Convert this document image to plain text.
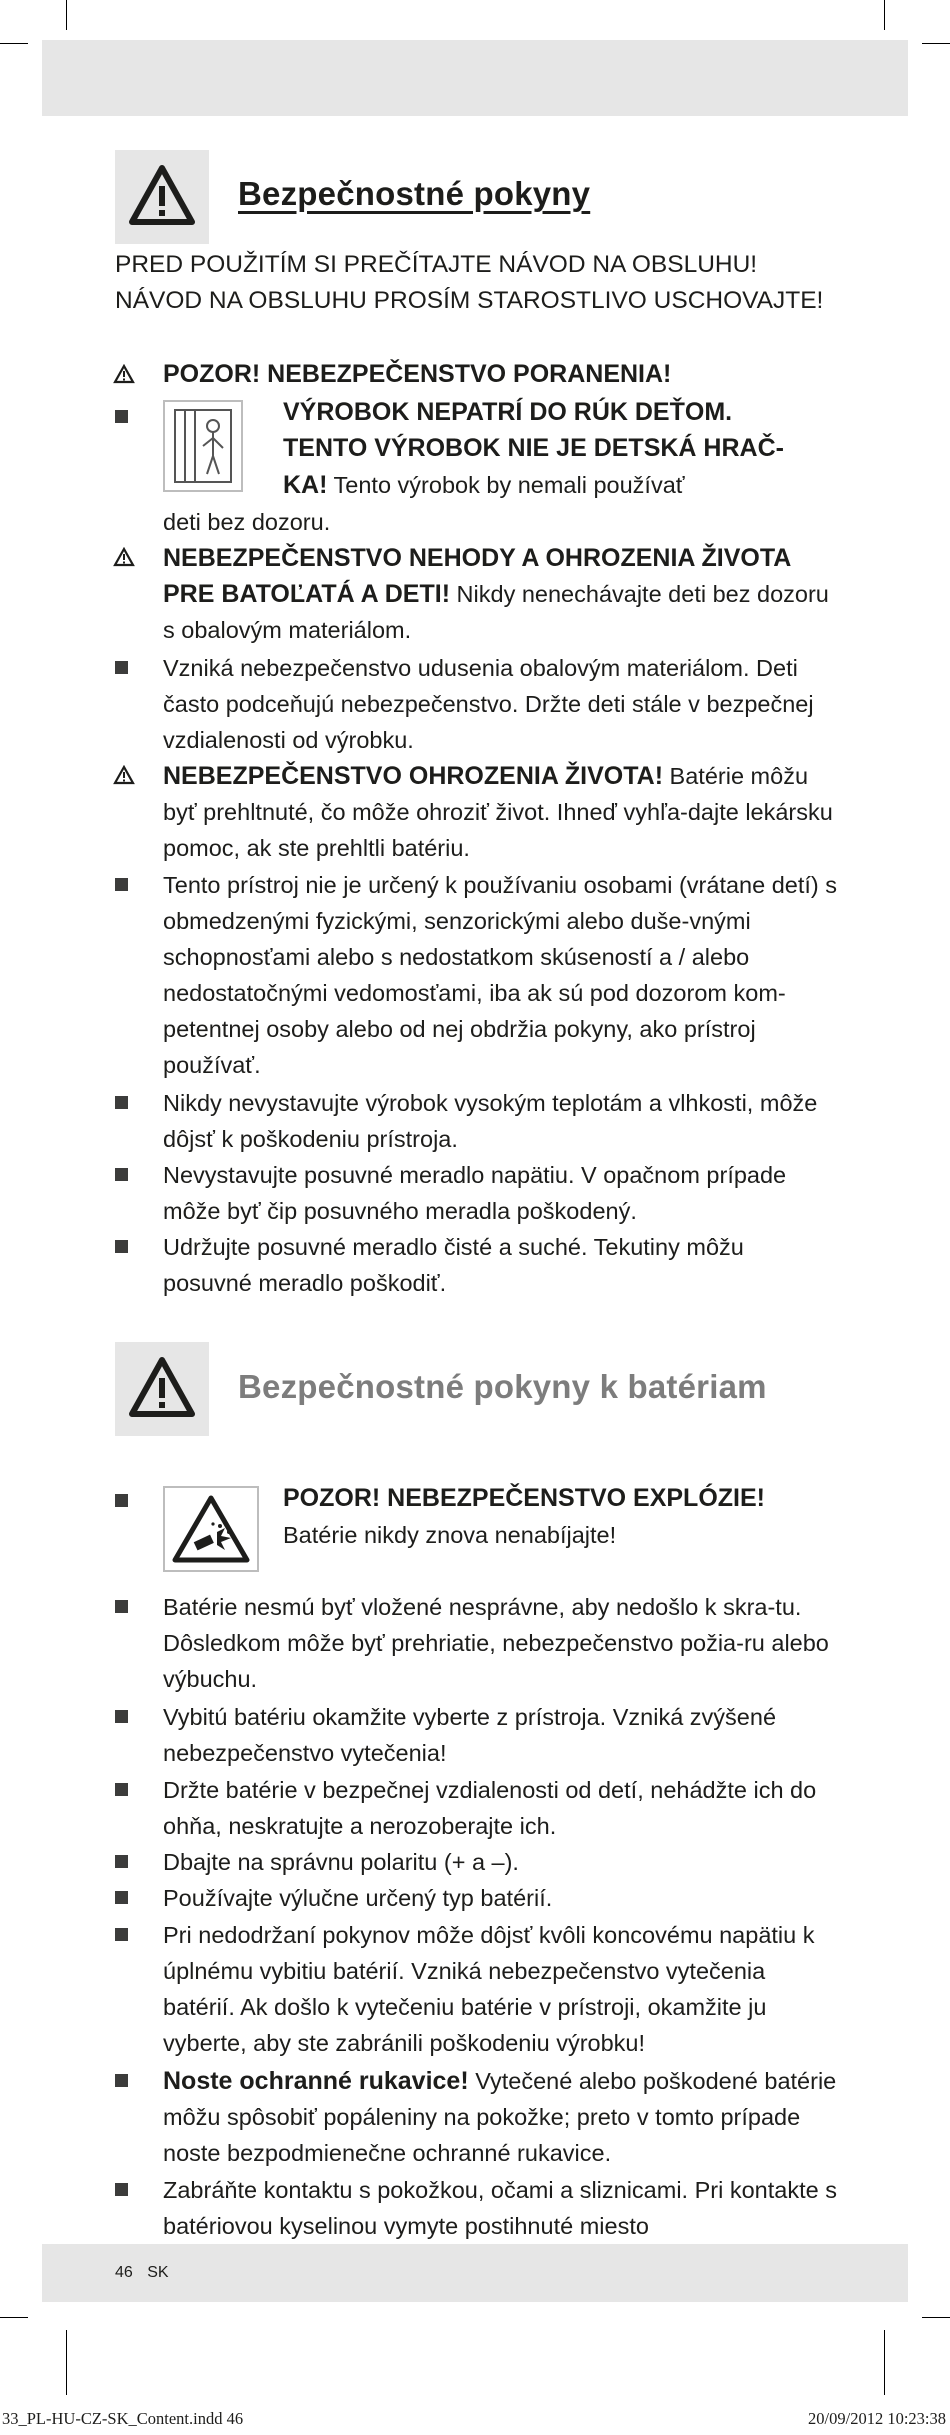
Bezpečnostné pokyny
PRED POUŽITÍM SI PREČÍTAJTE NÁVOD NA OBSLUHU!
NÁVOD NA OBSLUHU PROSÍM STAROSTLIVO USCHOVAJTE!

POZOR! NEBEZPEČENSTVO PORANENIA!

VÝROBOK NEPATRÍ DO RÚK DEŤOM.

TENTO VÝROBOK NIE JE DETSKÁ HRAČ-

KA! Tento výrobok by nemali používať

deti bez dozoru.

NEBEZPEČENSTVO NEHODY A OHROZENIA ŽIVOTA PRE BATOĽATÁ A DETI! Nikdy nenechávajte deti bez dozoru s obalovým materiálom.

Vzniká nebezpečenstvo udusenia obalovým materiálom. Deti často podceňujú nebezpečenstvo. Držte deti stále v bezpečnej vzdialenosti od výrobku.

NEBEZPEČENSTVO OHROZENIA ŽIVOTA! Batérie môžu byť prehltnuté, čo môže ohroziť život. Ihneď vyhľa-dajte lekársku pomoc, ak ste prehltli batériu.

Tento prístroj nie je určený k používaniu osobami (vrátane detí) s obmedzenými fyzickými, senzorickými alebo duše-vnými schopnosťami alebo s nedostatkom skúseností a / alebo nedostatočnými vedomosťami, iba ak sú pod dozorom kom-petentnej osoby alebo od nej obdržia pokyny, ako prístroj používať.

Nikdy nevystavujte výrobok vysokým teplotám a vlhkosti, môže dôjsť k poškodeniu prístroja.

Nevystavujte posuvné meradlo napätiu. V opačnom prípade môže byť čip posuvného meradla poškodený.

Udržujte posuvné meradlo čisté a suché. Tekutiny môžu posuvné meradlo poškodiť.

Bezpečnostné pokyny k batériam

POZOR! NEBEZPEČENSTVO EXPLÓZIE!

Batérie nikdy znova nenabíjajte!

Batérie nesmú byť vložené nesprávne, aby nedošlo k skra-tu. Dôsledkom môže byť prehriatie, nebezpečenstvo požia-ru alebo výbuchu.

Vybitú batériu okamžite vyberte z prístroja. Vzniká zvýšené nebezpečenstvo vytečenia!

Držte batérie v bezpečnej vzdialenosti od detí, nehádžte ich do ohňa, neskratujte a nerozoberajte ich.

Dbajte na správnu polaritu (+ a –).

Používajte výlučne určený typ batérií.

Pri nedodržaní pokynov môže dôjsť kvôli koncovému napätiu k úplnému vybitiu batérií. Vzniká nebezpečenstvo vytečenia batérií. Ak došlo k vytečeniu batérie v prístroji, okamžite ju vyberte, aby ste zabránili poškodeniu výrobku!

Noste ochranné rukavice! Vytečené alebo poškodené batérie môžu spôsobiť popáleniny na pokožke; preto v tomto prípade noste bezpodmienečne ochranné rukavice.

Zabráňte kontaktu s pokožkou, očami a sliznicami. Pri kontakte s batériovou kyselinou vymyte postihnuté miesto

46 SK
33_PL-HU-CZ-SK_Content.indd 46	20/09/2012 10:23:38
